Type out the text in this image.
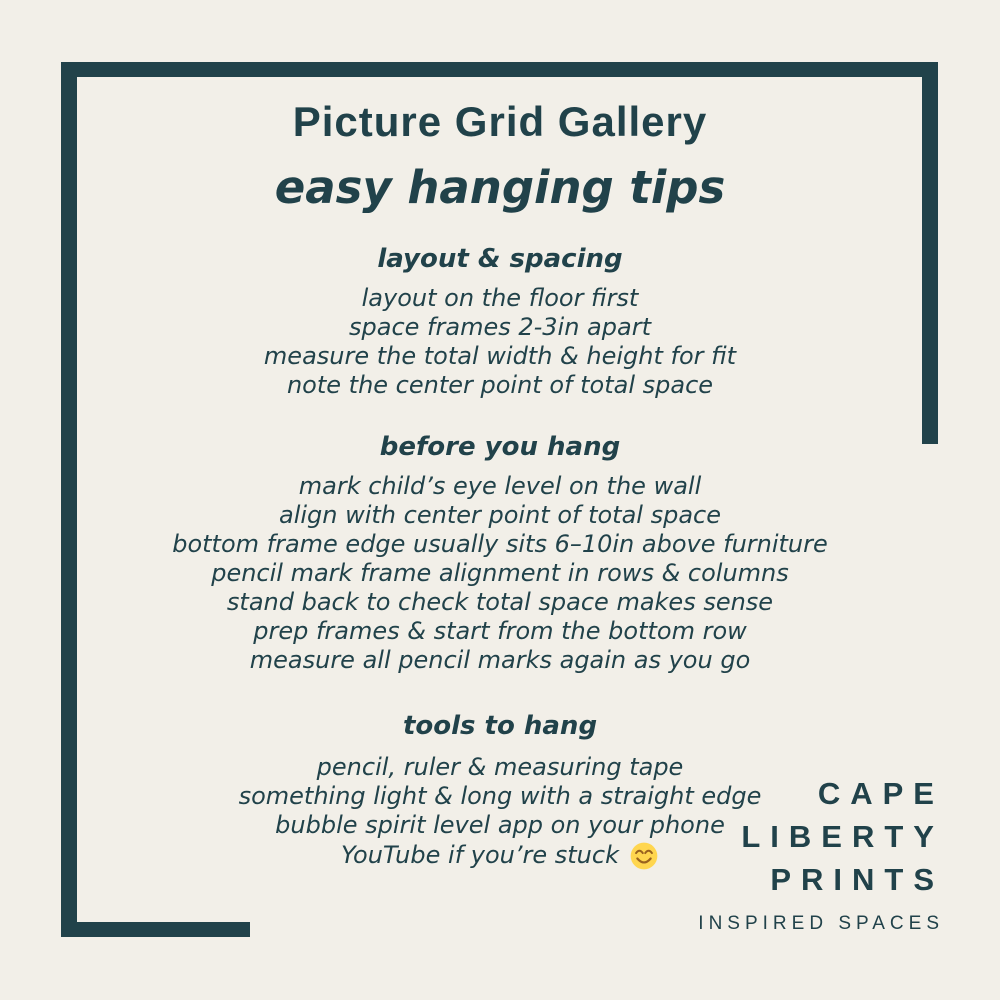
Picture Grid Gallery
easy hanging tips
layout & spacing
layout on the floor first
space frames 2-3in apart
measure the total width & height for fit
note the center point of total space
before you hang
mark child’s eye level on the wall
align with center point of total space
bottom frame edge usually sits 6–10in above furniture
pencil mark frame alignment in rows & columns
stand back to check total space makes sense
prep frames & start from the bottom row
measure all pencil marks again as you go
tools to hang
pencil, ruler & measuring tape
something light & long with a straight edge
bubble spirit level app on your phone
YouTube if you’re stuck
CAPE
LIBERTY
PRINTS
INSPIRED SPACES
